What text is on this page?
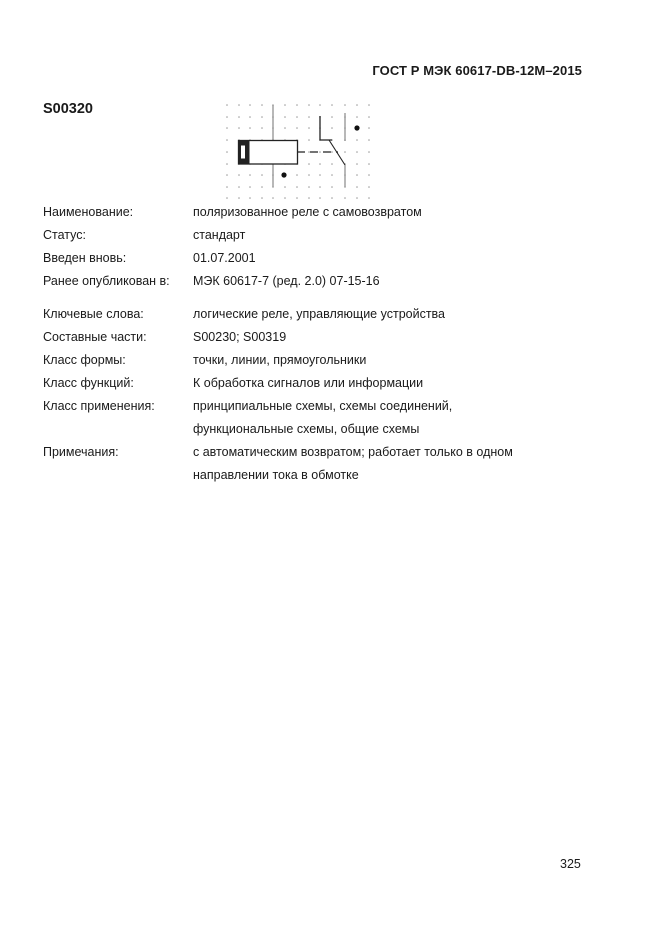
ГОСТ Р МЭК 60617-DB-12M–2015
S00320
Наименование:	поляризованное реле с самовозвратом
Статус:	стандарт
Введен вновь:	01.07.2001
Ранее опубликован в:	МЭК 60617-7 (ред. 2.0) 07-15-16
Ключевые слова:	логические реле, управляющие устройства
Составные части:	S00230; S00319
Класс формы:	точки, линии, прямоугольники
Класс функций:	К обработка сигналов или информации
Класс применения:	принципиальные схемы, схемы соединений,
функциональные схемы, общие схемы
Примечания:	с автоматическим возвратом; работает только в одном
направлении тока в обмотке
325
